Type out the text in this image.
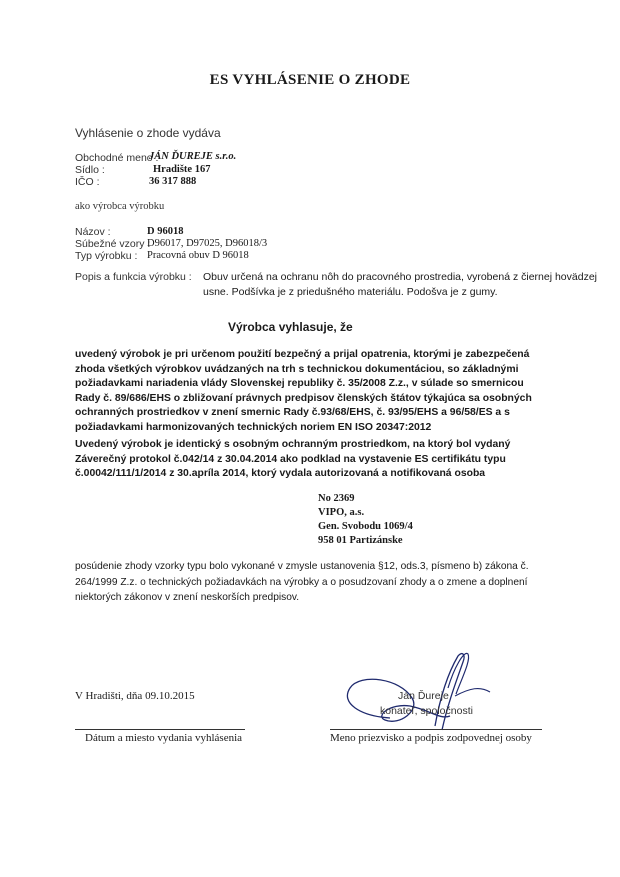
ES VYHLÁSENIE O ZHODE
Vyhlásenie o zhode vydáva
Obchodné meno :
JÁN ĎUREJE s.r.o.
Sídlo :	Hradište 167
IČO :	36 317 888
ako výrobca výrobku
Názov :	D 96018
Súbežné vzory :
D96017, D97025, D96018/3
Typ výrobku : Pracovná obuv D 96018
Popis a funkcia výrobku : Obuv určená na ochranu nôh do pracovného prostredia, vyrobená z čiernej hovädzej
usne. Podšívka je z priedušného materiálu. Podošva je z gumy.
Výrobca vyhlasuje, že
uvedený výrobok je pri určenom použití bezpečný a prijal opatrenia, ktorými je zabezpečená
zhoda všetkých výrobkov uvádzaných na trh s technickou dokumentáciou, so základnými
požiadavkami nariadenia vlády Slovenskej republiky č. 35/2008 Z.z., v súlade so smernicou
Rady č. 89/686/EHS o zbližovaní právnych predpisov členských štátov týkajúca sa osobných
ochranných prostriedkov v znení smernic Rady č.93/68/EHS, č. 93/95/EHS a 96/58/ES a s
požiadavkami harmonizovaných technických noriem EN ISO 20347:2012
Uvedený výrobok je identický s osobným ochranným prostriedkom, na ktorý bol vydaný
Záverečný protokol č.042/14 z 30.04.2014 ako podklad na vystavenie ES certifikátu typu
č.00042/111/1/2014 z 30.apríla 2014, ktorý vydala autorizovaná a notifikovaná osoba
No 2369
VIPO, a.s.
Gen. Svobodu 1069/4
958 01 Partizánske
posúdenie zhody vzorky typu bolo vykonané v zmysle ustanovenia §12, ods.3, písmeno b) zákona č.
264/1999 Z.z. o technických požiadavkách na výrobky a o posudzovaní zhody a o zmene a doplnení
niektorých zákonov v znení neskorších predpisov.
V Hradišti, dňa 09.10.2015
Dátum a miesto vydania vyhlásenia
Ján Ďureje
konateľ, spoločnosti
Meno priezvisko a podpis zodpovednej osoby
